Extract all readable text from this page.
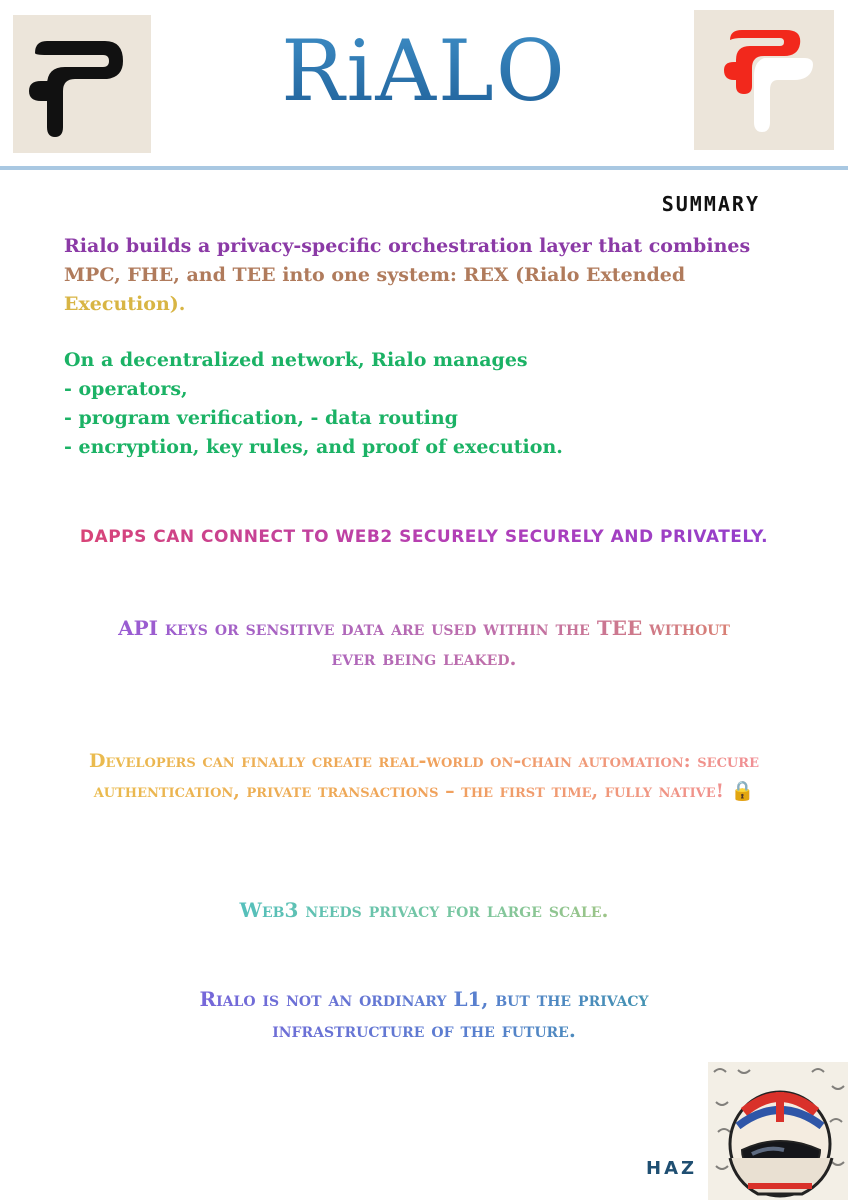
RiALO
SUMMARY

Rialo builds a privacy-specific orchestration layer that combines
MPC, FHE, and TEE into one system: REX (Rialo Extended
Execution).

On a decentralized network, Rialo manages
- operators,
- program verification, - data routing
- encryption, key rules, and proof of execution.

DAPPS CAN CONNECT TO WEB2 SECURELY SECURELY AND PRIVATELY.

API keys or sensitive data are used within the TEE without ever being leaked.

Developers can finally create real-world on-chain automation: secure authentication, private transactions – the first time, fully native! 🔒

Web3 needs privacy for large scale.

Rialo is not an ordinary L1, but the privacy infrastructure of the future.

HAZ
